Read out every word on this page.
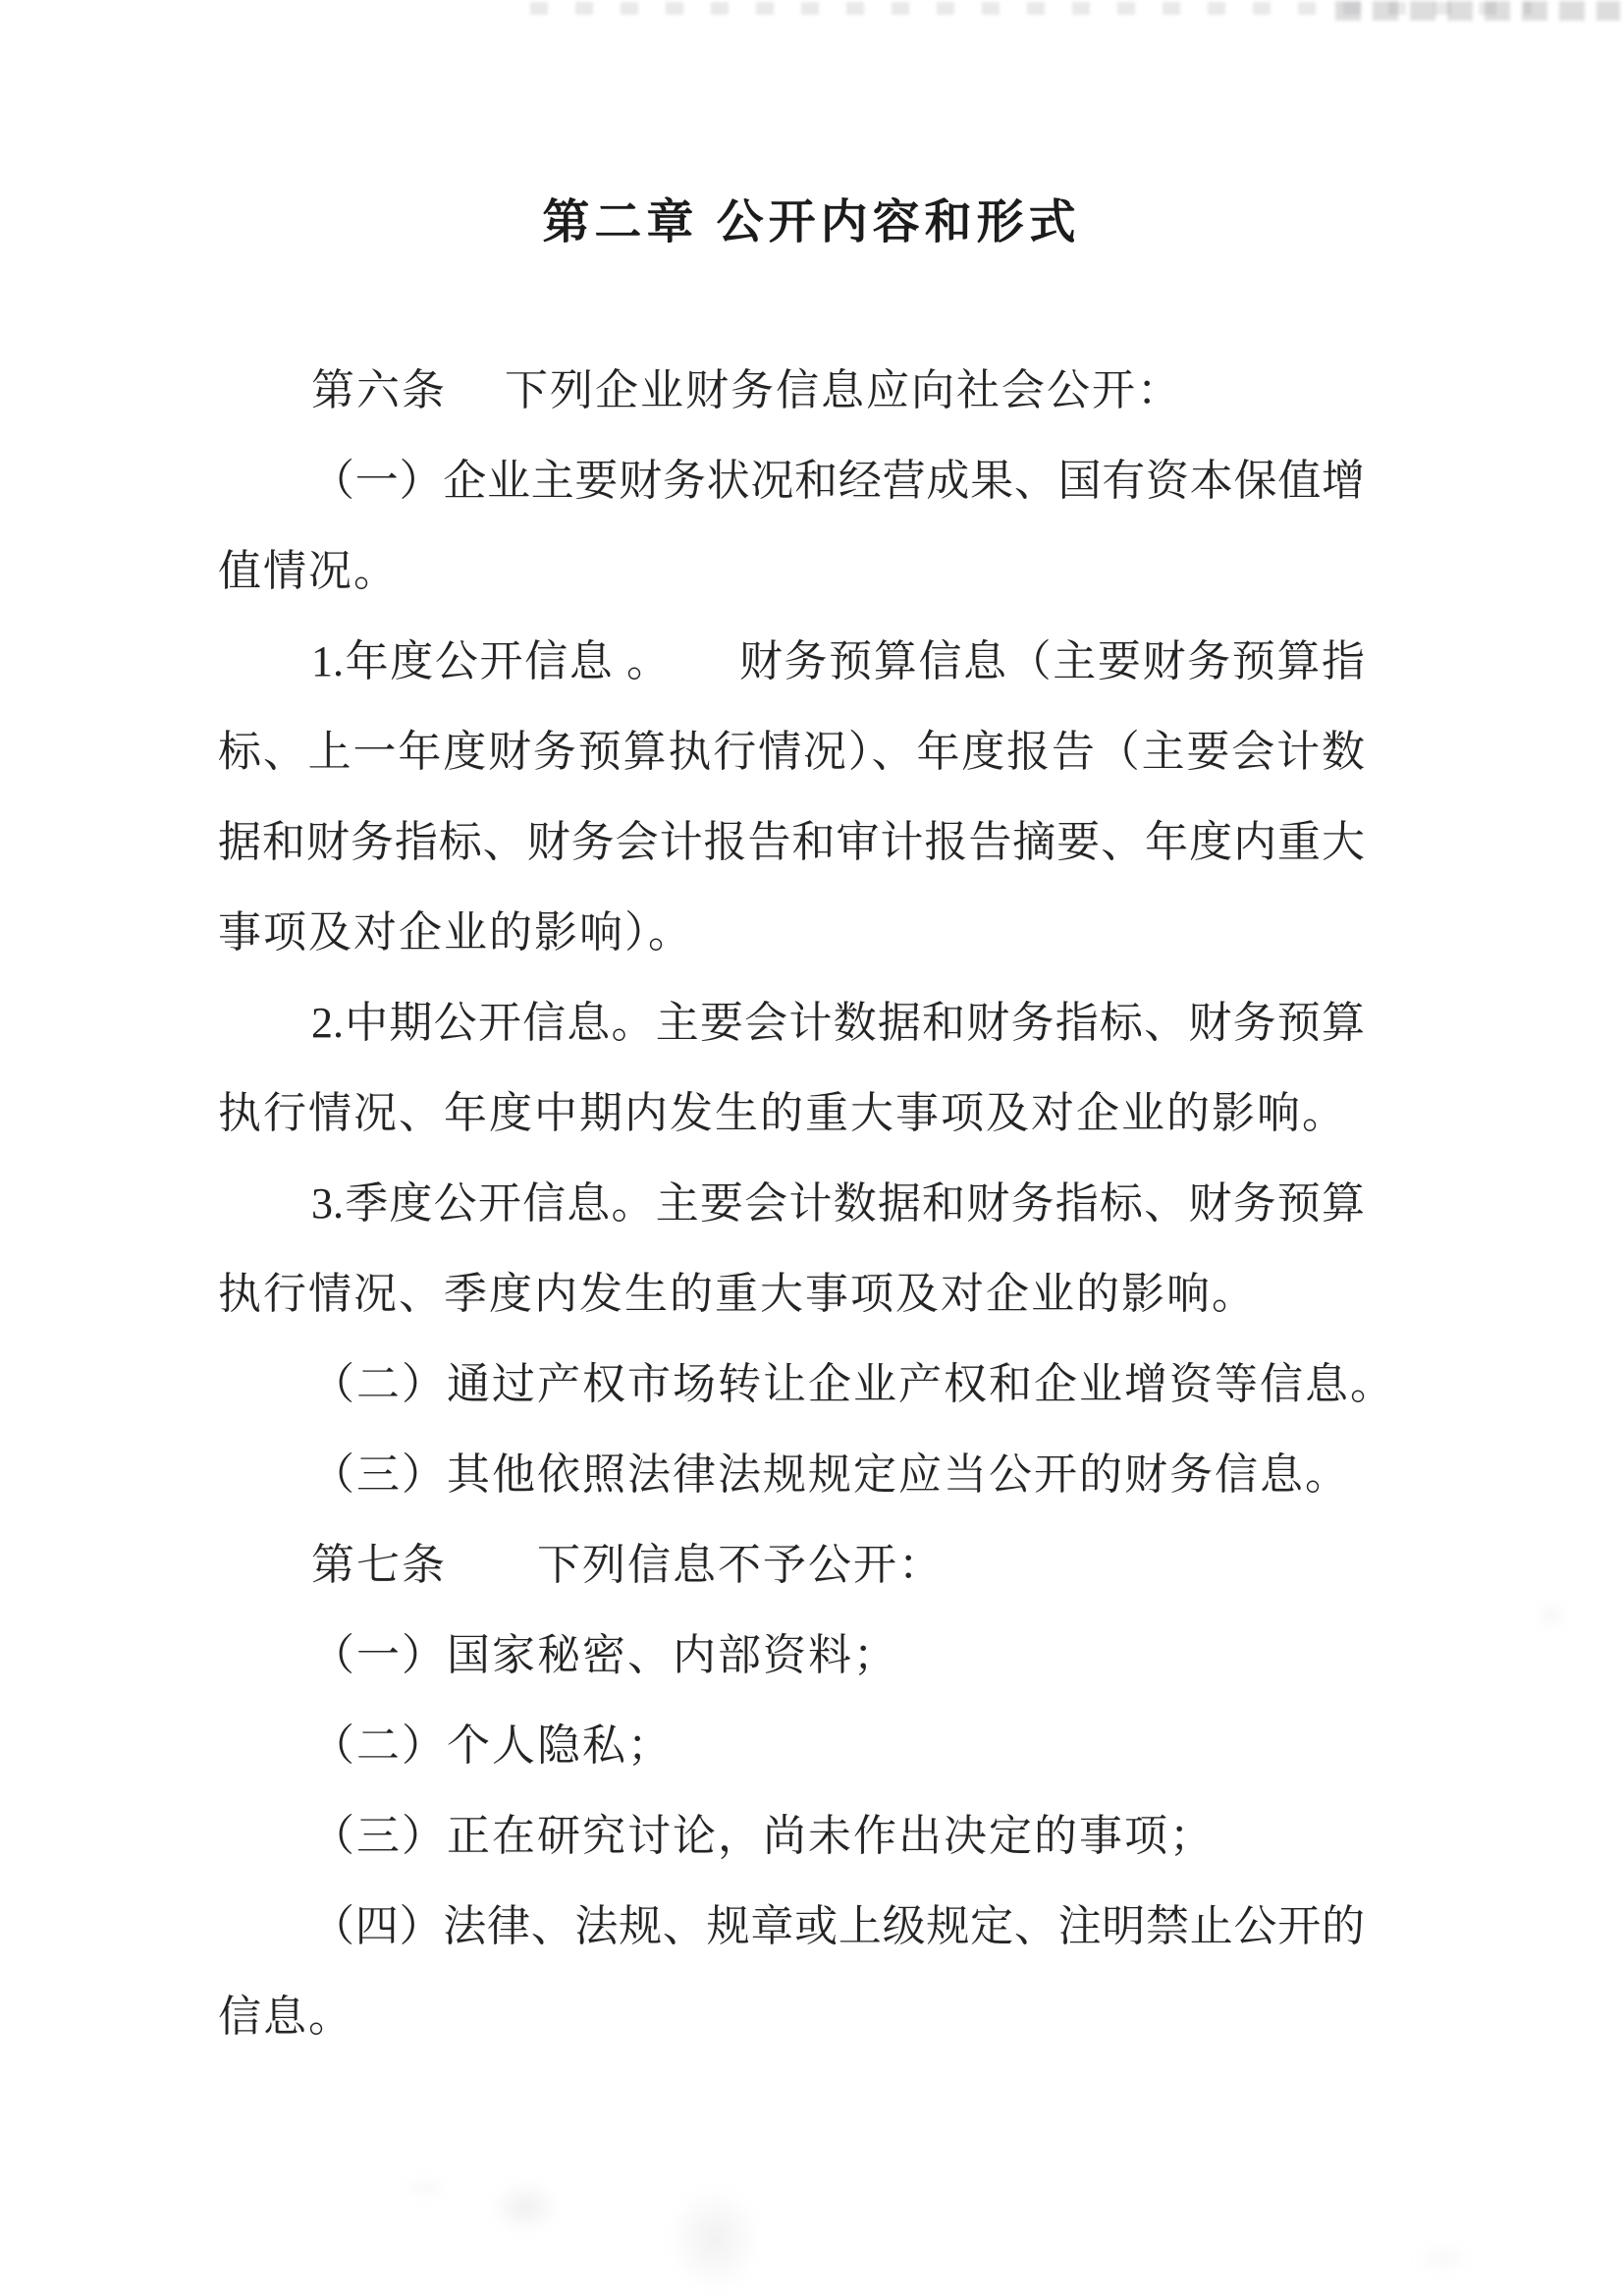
第二章 公开内容和形式
第六条　 下列企业财务信息应向社会公开：
（一）企业主要财务状况和经营成果、国有资本保值增
值情况。
1.年度公开信息 。　　财务预算信息（主要财务预算指
标、上一年度财务预算执行情况）、年度报告（主要会计数
据和财务指标、财务会计报告和审计报告摘要、年度内重大
事项及对企业的影响）。
2.中期公开信息。主要会计数据和财务指标、财务预算
执行情况、年度中期内发生的重大事项及对企业的影响。
3.季度公开信息。主要会计数据和财务指标、财务预算
执行情况、季度内发生的重大事项及对企业的影响。
（二）通过产权市场转让企业产权和企业增资等信息。
（三）其他依照法律法规规定应当公开的财务信息。
第七条　　下列信息不予公开：
（一）国家秘密、内部资料；
（二）个人隐私；
（三）正在研究讨论，尚未作出决定的事项；
（四）法律、法规、规章或上级规定、注明禁止公开的
信息。
